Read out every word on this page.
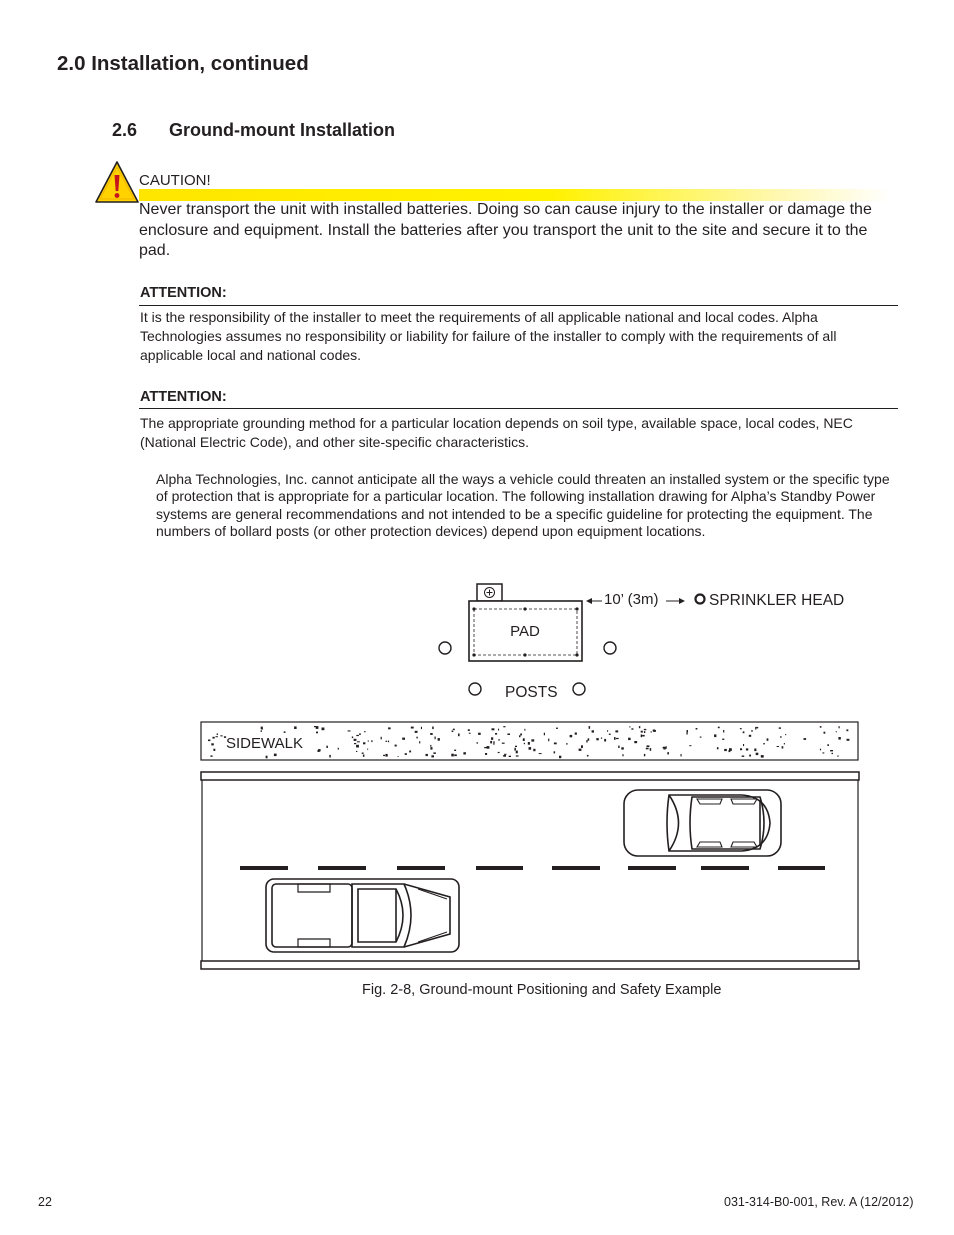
2.0 Installation, continued
2.6 Ground-mount Installation
CAUTION!
Never transport the unit with installed batteries. Doing so can cause injury to the installer or damage the enclosure and equipment. Install the batteries after you transport the unit to the site and secure it to the pad.
ATTENTION:
It is the responsibility of the installer to meet the requirements of all applicable national and local codes. Alpha Technologies assumes no responsibility or liability for failure of the installer to comply with the requirements of all applicable local and national codes.
ATTENTION:
The appropriate grounding method for a particular location depends on soil type, available space, local codes, NEC (National Electric Code), and other site-specific characteristics.
Alpha Technologies, Inc. cannot anticipate all the ways a vehicle could threaten an installed system or the specific type of protection that is appropriate for a particular location. The following installation drawing for Alpha’s Standby Power systems are general recommendations and not intended to be a specific guideline for protecting the equipment. The numbers of bollard posts (or other protection devices) depend upon equipment locations.
PAD
10’ (3m)	SPRINKLER HEAD
POSTS
SIDEWALK
Fig. 2-8, Ground-mount Positioning and Safety Example
22	031-314-B0-001, Rev. A (12/2012)
